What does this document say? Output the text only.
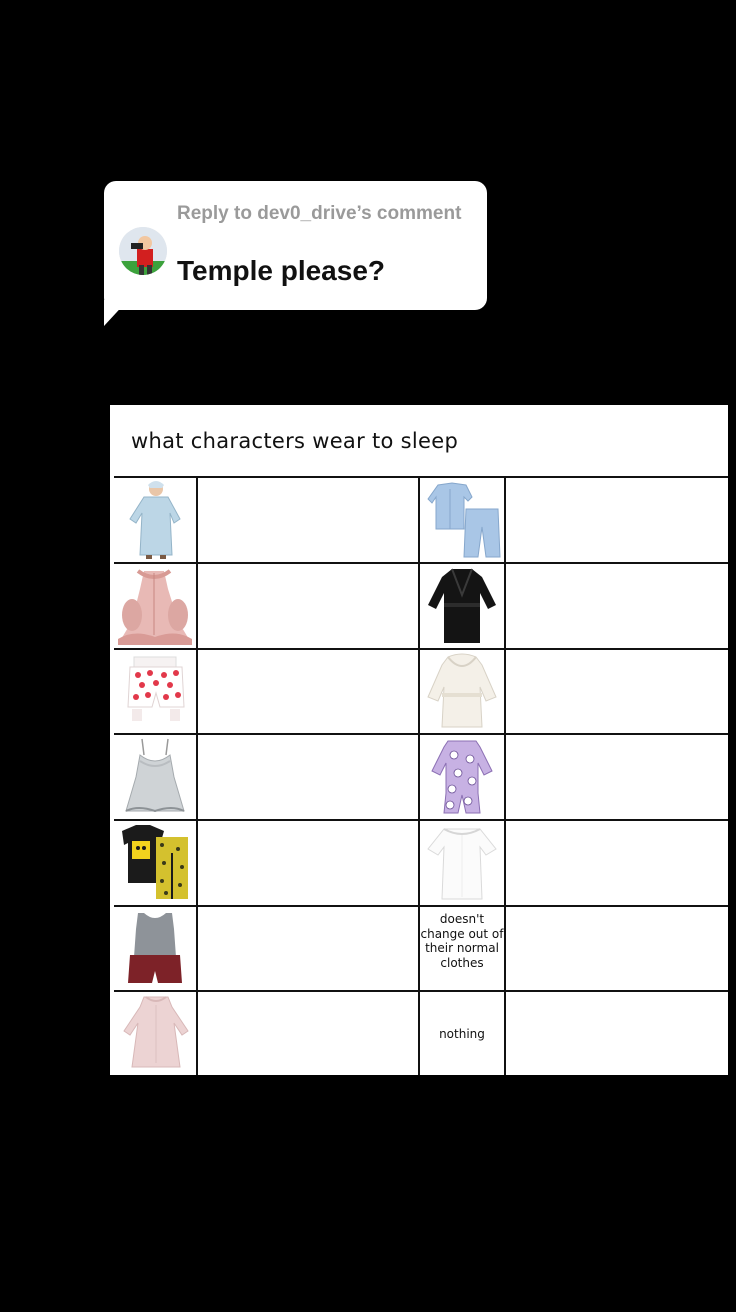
Reply to dev0_drive’s comment
Temple please?
what characters wear to sleep
doesn't change out of their normal clothes
nothing
